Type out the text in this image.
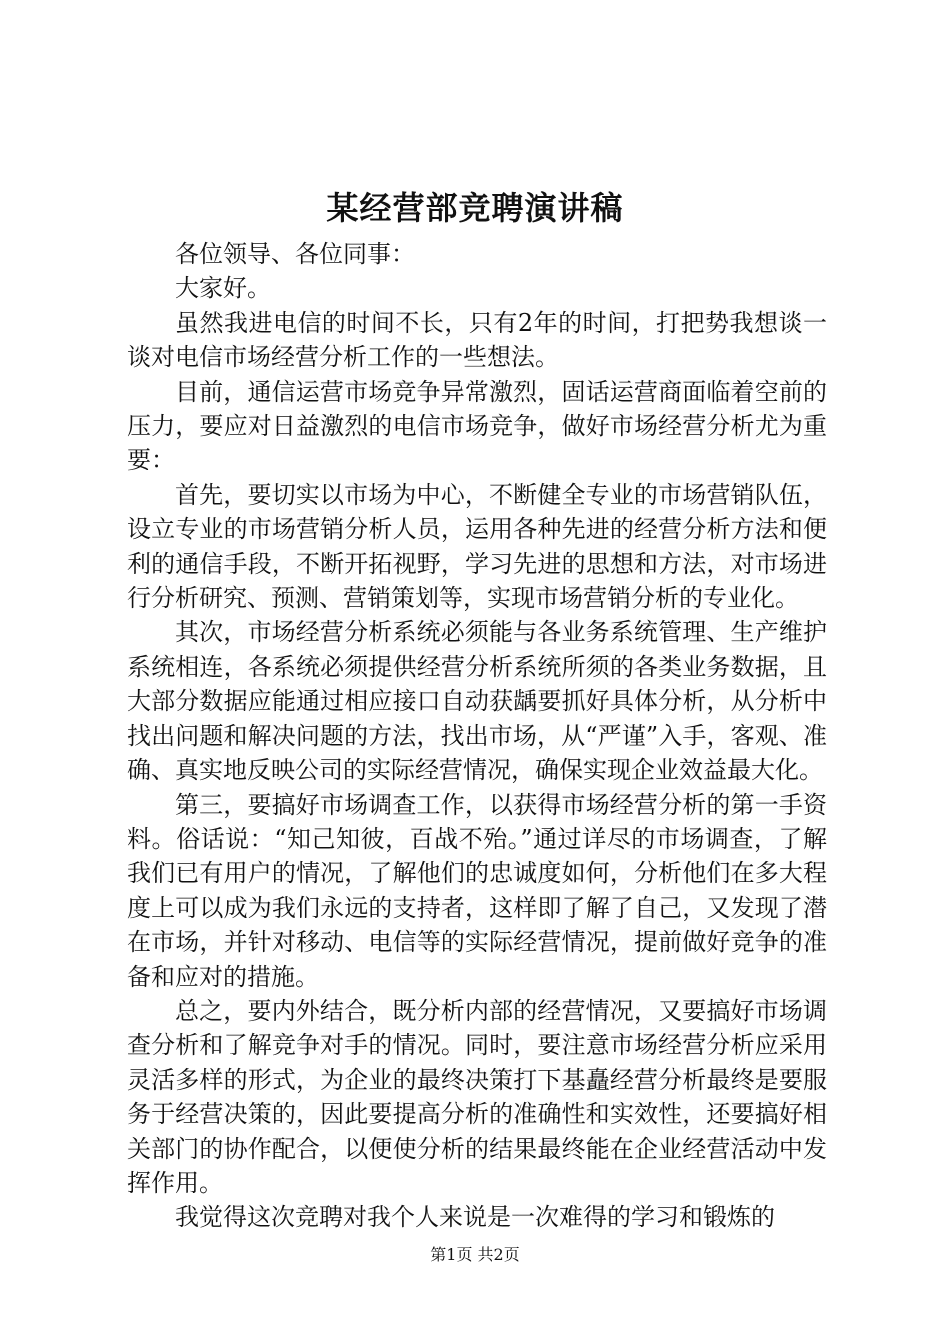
某经营部竞聘演讲稿

各位领导、各位同事：

大家好。

虽然我进电信的时间不长，只有2年的时间，打把势我想谈一谈对电信市场经营分析工作的一些想法。

目前，通信运营市场竞争异常激烈，固话运营商面临着空前的压力，要应对日益激烈的电信市场竞争，做好市场经营分析尤为重要：

首先，要切实以市场为中心，不断健全专业的市场营销队伍，设立专业的市场营销分析人员，运用各种先进的经营分析方法和便利的通信手段，不断开拓视野，学习先进的思想和方法，对市场进行分析研究、预测、营销策划等，实现市场营销分析的专业化。

其次，市场经营分析系统必须能与各业务系统管理、生产维护系统相连，各系统必须提供经营分析系统所须的各类业务数据，且大部分数据应能通过相应接口自动获龋要抓好具体分析，从分析中找出问题和解决问题的方法，找出市场，从“严谨”入手，客观、准确、真实地反映公司的实际经营情况，确保实现企业效益最大化。

第三，要搞好市场调查工作，以获得市场经营分析的第一手资料。俗话说：“知己知彼，百战不殆。”通过详尽的市场调查，了解我们已有用户的情况，了解他们的忠诚度如何，分析他们在多大程度上可以成为我们永远的支持者，这样即了解了自己，又发现了潜在市场，并针对移动、电信等的实际经营情况，提前做好竞争的准备和应对的措施。

总之，要内外结合，既分析内部的经营情况，又要搞好市场调查分析和了解竞争对手的情况。同时，要注意市场经营分析应采用灵活多样的形式，为企业的最终决策打下基矗经营分析最终是要服务于经营决策的，因此要提高分析的准确性和实效性，还要搞好相关部门的协作配合，以便使分析的结果最终能在企业经营活动中发挥作用。

我觉得这次竞聘对我个人来说是一次难得的学习和锻炼的

第1页 共2页
